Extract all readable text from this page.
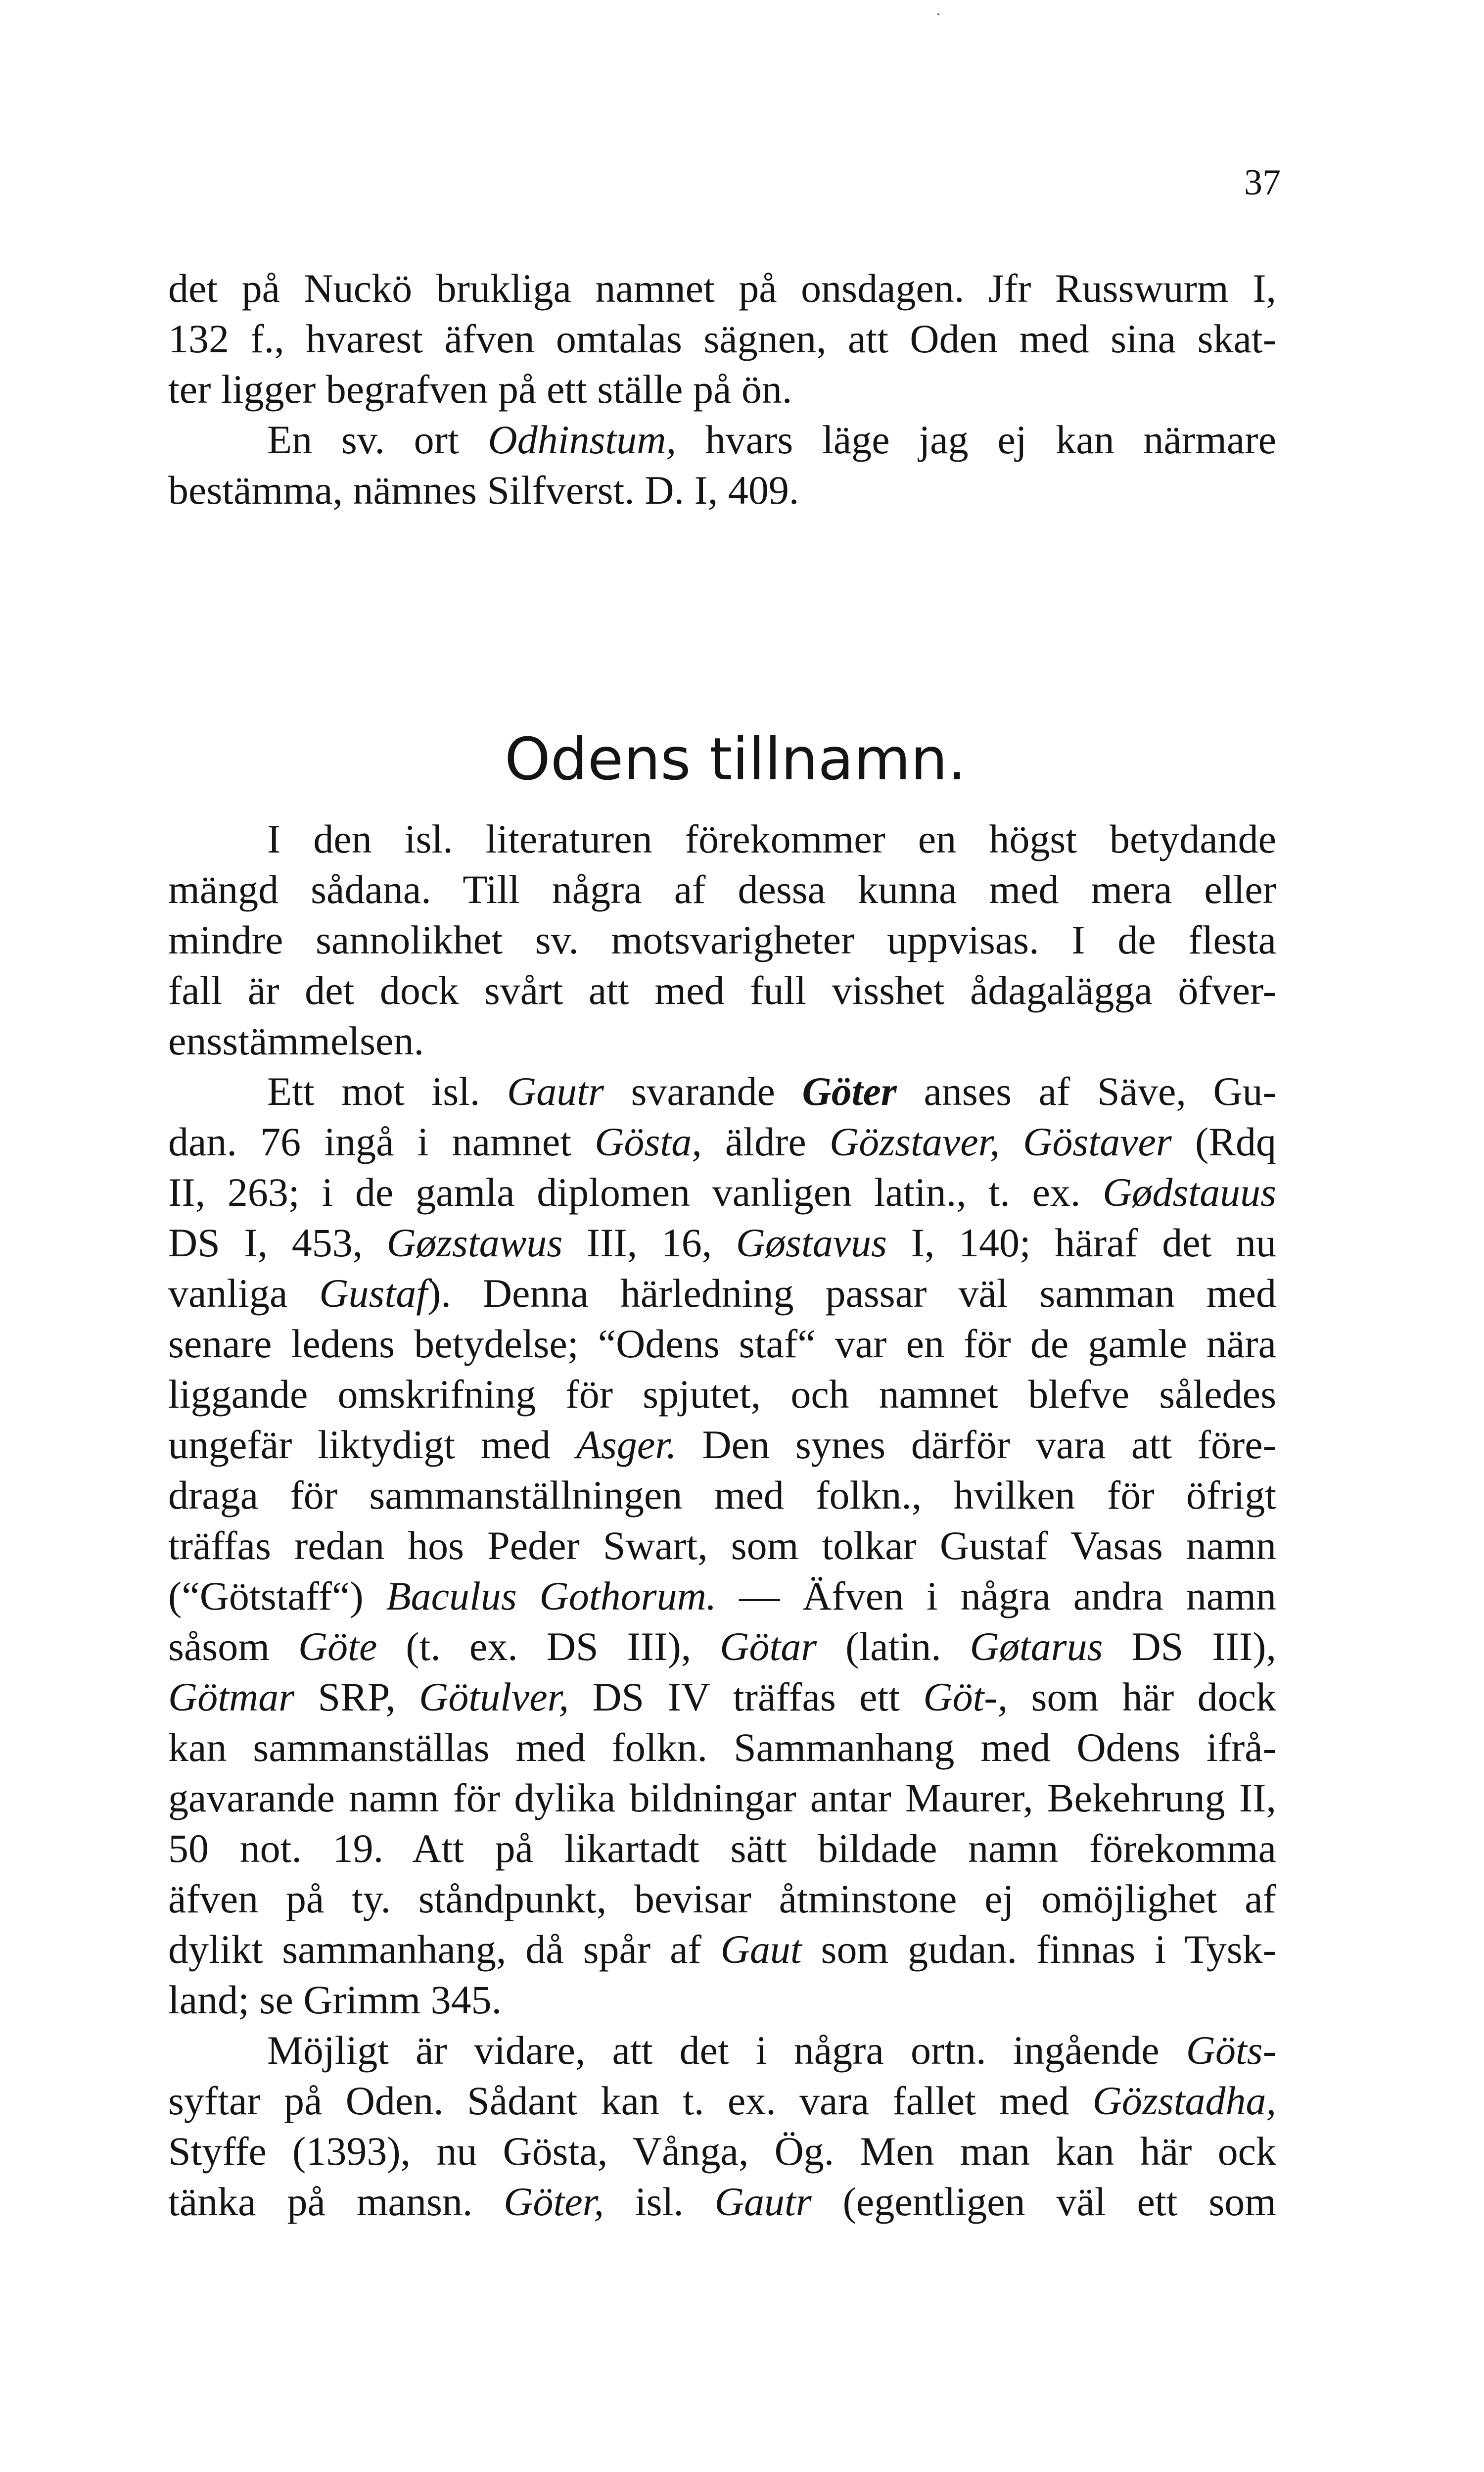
37
det på Nuckö brukliga namnet på onsdagen. Jfr Russwurm I,
132 f., hvarest äfven omtalas sägnen, att Oden med sina skat-
ter ligger begrafven på ett ställe på ön.
En sv. ort Odhinstum, hvars läge jag ej kan närmare
bestämma, nämnes Silfverst. D. I, 409.
Odens tillnamn.
I den isl. literaturen förekommer en högst betydande
mängd sådana. Till några af dessa kunna med mera eller
mindre sannolikhet sv. motsvarigheter uppvisas. I de flesta
fall är det dock svårt att med full visshet ådagalägga öfver-
ensstämmelsen.
Ett mot isl. Gautr svarande Göter anses af Säve, Gu-
dan. 76 ingå i namnet Gösta, äldre Gözstaver, Göstaver (Rdq
II, 263; i de gamla diplomen vanligen latin., t. ex. Gødstauus
DS I, 453, Gøzstawus III, 16, Gøstavus I, 140; häraf det nu
vanliga Gustaf). Denna härledning passar väl samman med
senare ledens betydelse; “Odens staf“ var en för de gamle nära
liggande omskrifning för spjutet, och namnet blefve således
ungefär liktydigt med Asger. Den synes därför vara att före-
draga för sammanställningen med folkn., hvilken för öfrigt
träffas redan hos Peder Swart, som tolkar Gustaf Vasas namn
(“Götstaff“) Baculus Gothorum. — Äfven i några andra namn
såsom Göte (t. ex. DS III), Götar (latin. Gøtarus DS III),
Götmar SRP, Götulver, DS IV träffas ett Göt-, som här dock
kan sammanställas med folkn. Sammanhang med Odens ifrå-
gavarande namn för dylika bildningar antar Maurer, Bekehrung II,
50 not. 19. Att på likartadt sätt bildade namn förekomma
äfven på ty. ståndpunkt, bevisar åtminstone ej omöjlighet af
dylikt sammanhang, då spår af Gaut som gudan. finnas i Tysk-
land; se Grimm 345.
Möjligt är vidare, att det i några ortn. ingående Göts-
syftar på Oden. Sådant kan t. ex. vara fallet med Gözstadha,
Styffe (1393), nu Gösta, Vånga, Ög. Men man kan här ock
tänka på mansn. Göter, isl. Gautr (egentligen väl ett som
